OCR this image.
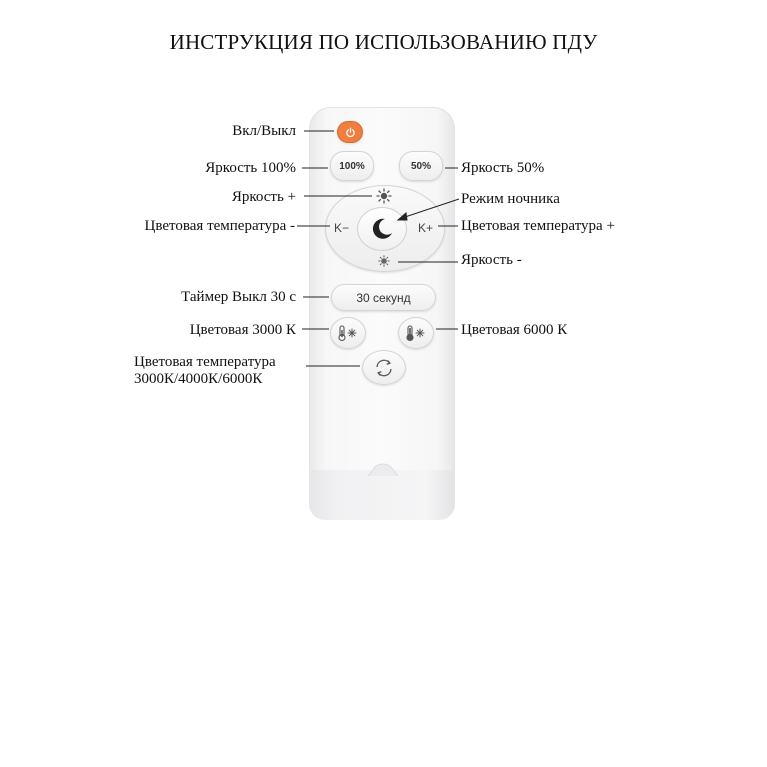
ИНСТРУКЦИЯ ПО ИСПОЛЬЗОВАНИЮ ПДУ
100%	50%
K−	K+
30 секунд
Вкл/Выкл
Яркость 100%	Яркость 50%
Яркость +	Режим ночника
Цветовая температура -	Цветовая температура +
Яркость -
Таймер Выкл 30 с
Цветовая 3000 К	Цветовая 6000 К
Цветовая температура
3000К/4000К/6000К
